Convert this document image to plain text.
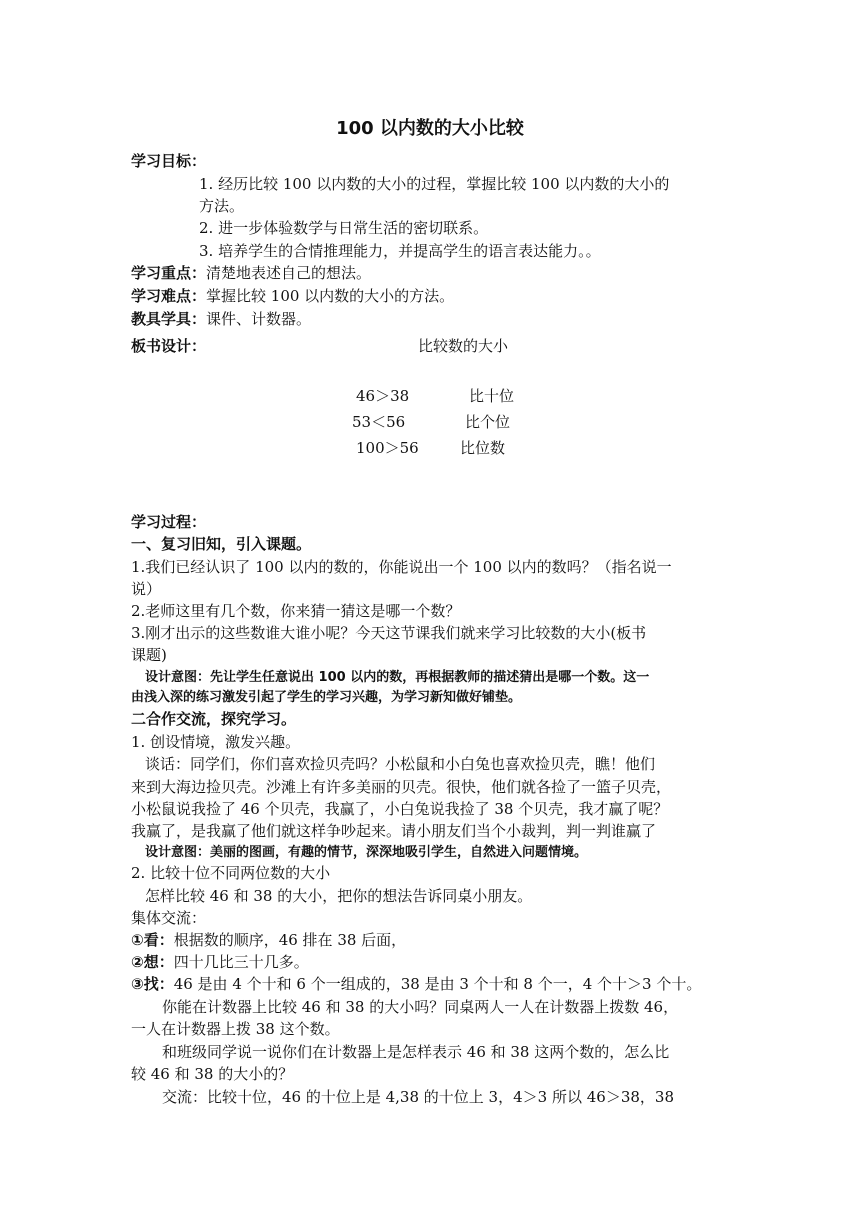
100 以内数的大小比较
学习目标：
1. 经历比较 100 以内数的大小的过程，掌握比较 100 以内数的大小的
方法。
2. 进一步体验数学与日常生活的密切联系。
3. 培养学生的合情推理能力，并提高学生的语言表达能力。。
学习重点：清楚地表述自己的想法。
学习难点：掌握比较 100 以内数的大小的方法。
教具学具：课件、计数器。
板书设计：	比较数的大小
46＞38	比十位
53＜56	比个位
100＞56	比位数
学习过程：
一、复习旧知，引入课题。
1.我们已经认识了 100 以内的数的，你能说出一个 100 以内的数吗？（指名说一
说）
2.老师这里有几个数，你来猜一猜这是哪一个数？
3.刚才出示的这些数谁大谁小呢？今天这节课我们就来学习比较数的大小(板书
课题)
设计意图：先让学生任意说出 100 以内的数，再根据教师的描述猜出是哪一个数。这一
由浅入深的练习激发引起了学生的学习兴趣，为学习新知做好铺垫。
二合作交流，探究学习。
1. 创设情境，激发兴趣。
谈话：同学们，你们喜欢捡贝壳吗？小松鼠和小白兔也喜欢捡贝壳，瞧！他们
来到大海边捡贝壳。沙滩上有许多美丽的贝壳。很快，他们就各捡了一篮子贝壳，
小松鼠说我捡了 46 个贝壳，我赢了，小白兔说我捡了 38 个贝壳，我才赢了呢？
我赢了，是我赢了他们就这样争吵起来。请小朋友们当个小裁判，判一判谁赢了
设计意图：美丽的图画，有趣的情节，深深地吸引学生，自然进入问题情境。
2. 比较十位不同两位数的大小
怎样比较 46 和 38 的大小，把你的想法告诉同桌小朋友。
集体交流：
①看：根据数的顺序，46 排在 38 后面，
②想：四十几比三十几多。
③找：46 是由 4 个十和 6 个一组成的，38 是由 3 个十和 8 个一，4 个十＞3 个十。
你能在计数器上比较 46 和 38 的大小吗？同桌两人一人在计数器上拨数 46，
一人在计数器上拨 38 这个数。
和班级同学说一说你们在计数器上是怎样表示 46 和 38 这两个数的，怎么比
较 46 和 38 的大小的？
交流：比较十位，46 的十位上是 4,38 的十位上 3，4＞3 所以 46＞38，38
